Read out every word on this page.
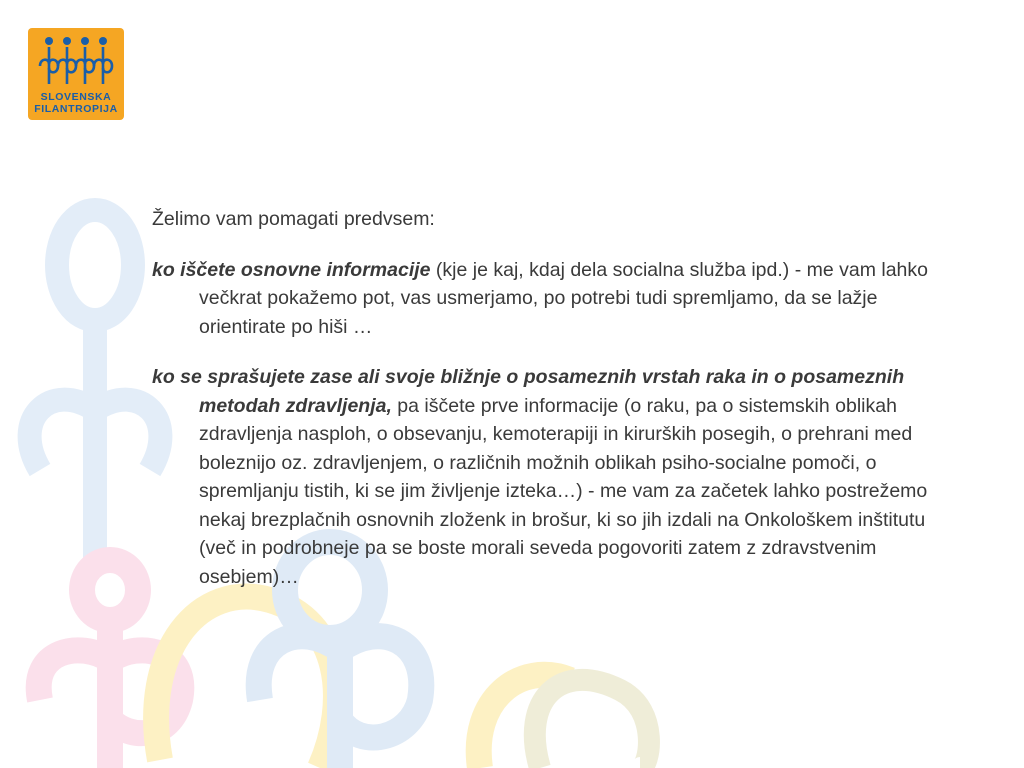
SLOVENSKA
FILANTROPIJA

Želimo vam pomagati predvsem:

ko iščete osnovne informacije (kje je kaj, kdaj dela socialna služba ipd.) - me vam lahko večkrat pokažemo pot, vas usmerjamo, po potrebi tudi spremljamo, da se lažje orientirate po hiši …

ko se sprašujete zase ali svoje bližnje o posameznih vrstah raka in o posameznih metodah zdravljenja, pa iščete prve informacije (o raku, pa o sistemskih oblikah zdravljenja nasploh, o obsevanju, kemoterapiji in kirurških posegih, o prehrani med boleznijo oz. zdravljenjem, o različnih možnih oblikah psiho-socialne pomoči, o spremljanju tistih, ki se jim življenje izteka…) - me vam za začetek lahko postrežemo nekaj brezplačnih osnovnih zloženk in brošur, ki so jih izdali na Onkološkem inštitutu (več in podrobneje pa se boste morali seveda pogovoriti zatem z zdravstvenim osebjem)…
